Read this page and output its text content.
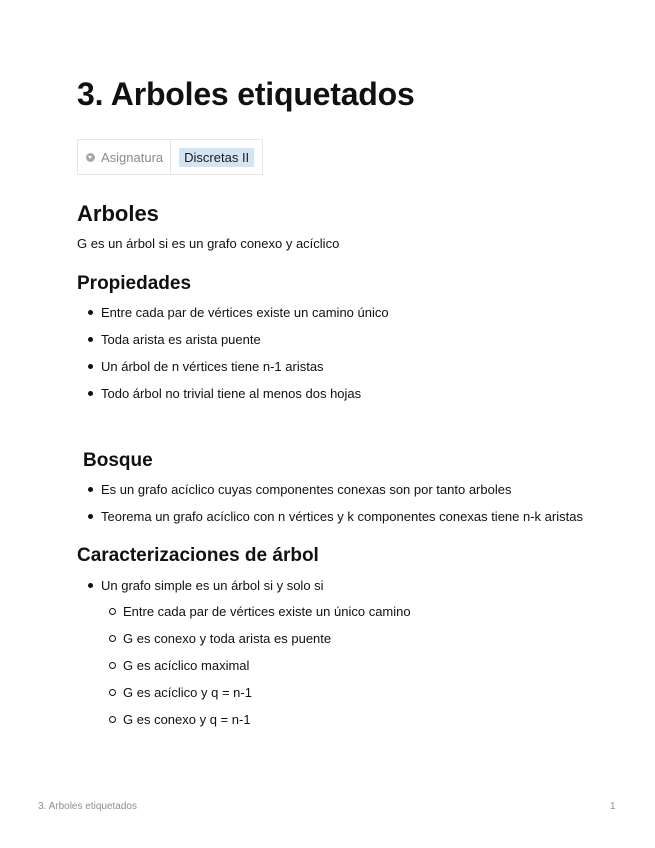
3. Arboles etiquetados
Asignatura	Discretas II
Arboles

G es un árbol si es un grafo conexo y acíclico

Propiedades
Entre cada par de vértices existe un camino único
Toda arista es arista puente
Un árbol de n vértices tiene n-1 aristas
Todo árbol no trivial tiene al menos dos hojas
Bosque
Es un grafo acíclico cuyas componentes conexas son por tanto arboles
Teorema un grafo acíclico con n vértices y k componentes conexas tiene n-k aristas
Caracterizaciones de árbol
Un grafo simple es un árbol si y solo si
Entre cada par de vértices existe un único camino
G es conexo y toda arista es puente
G es acíclico maximal
G es acíclico y q = n-1
G es conexo y q = n-1
3. Arboles etiquetados	1
